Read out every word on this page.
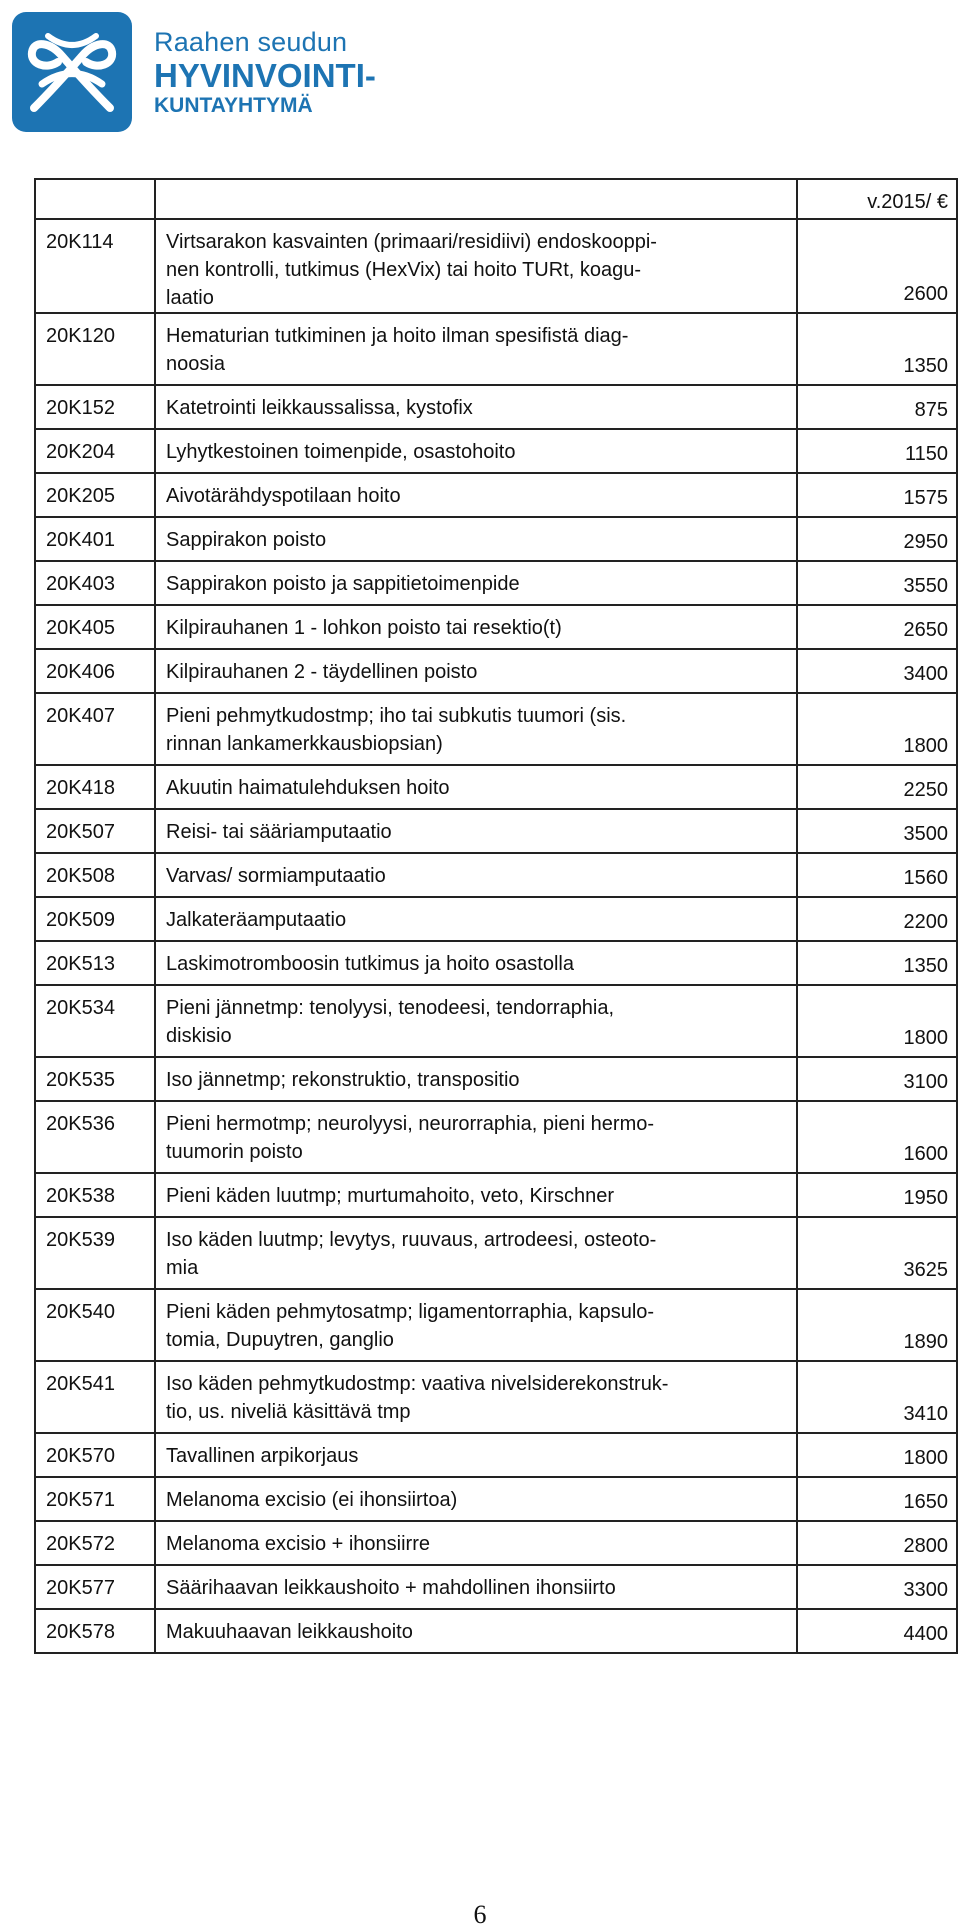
Raahen seudun
HYVINVOINTI-
KUNTAYHTYMÄ
		v.2015/ €
20K114	Virtsarakon kasvainten (primaari/residiivi) endoskooppi-
nen kontrolli, tutkimus (HexVix) tai hoito TURt, koagu-
laatio	2600
20K120	Hematurian tutkiminen ja hoito ilman spesifistä diag-
noosia	1350
20K152	Katetrointi leikkaussalissa, kystofix	875
20K204	Lyhytkestoinen toimenpide, osastohoito	1150
20K205	Aivotärähdyspotilaan hoito	1575
20K401	Sappirakon poisto	2950
20K403	Sappirakon poisto ja sappitietoimenpide	3550
20K405	Kilpirauhanen 1 - lohkon poisto tai resektio(t)	2650
20K406	Kilpirauhanen 2 - täydellinen poisto	3400
20K407	Pieni pehmytkudostmp; iho tai subkutis tuumori (sis.
rinnan lankamerkkausbiopsian)	1800
20K418	Akuutin haimatulehduksen hoito	2250
20K507	Reisi- tai sääriamputaatio	3500
20K508	Varvas/ sormiamputaatio	1560
20K509	Jalkateräamputaatio	2200
20K513	Laskimotromboosin tutkimus ja hoito osastolla	1350
20K534	Pieni jännetmp: tenolyysi, tenodeesi, tendorraphia,
diskisio	1800
20K535	Iso jännetmp; rekonstruktio, transpositio	3100
20K536	Pieni hermotmp; neurolyysi, neurorraphia, pieni hermo-
tuumorin poisto	1600
20K538	Pieni käden luutmp; murtumahoito, veto, Kirschner	1950
20K539	Iso käden luutmp; levytys, ruuvaus, artrodeesi, osteoto-
mia	3625
20K540	Pieni käden pehmytosatmp; ligamentorraphia, kapsulo-
tomia, Dupuytren, ganglio	1890
20K541	Iso käden pehmytkudostmp: vaativa nivelsiderekonstruk-
tio, us. niveliä käsittävä tmp	3410
20K570	Tavallinen arpikorjaus	1800
20K571	Melanoma excisio (ei ihonsiirtoa)	1650
20K572	Melanoma excisio + ihonsiirre	2800
20K577	Säärihaavan leikkaushoito + mahdollinen ihonsiirto	3300
20K578	Makuuhaavan leikkaushoito	4400
6
